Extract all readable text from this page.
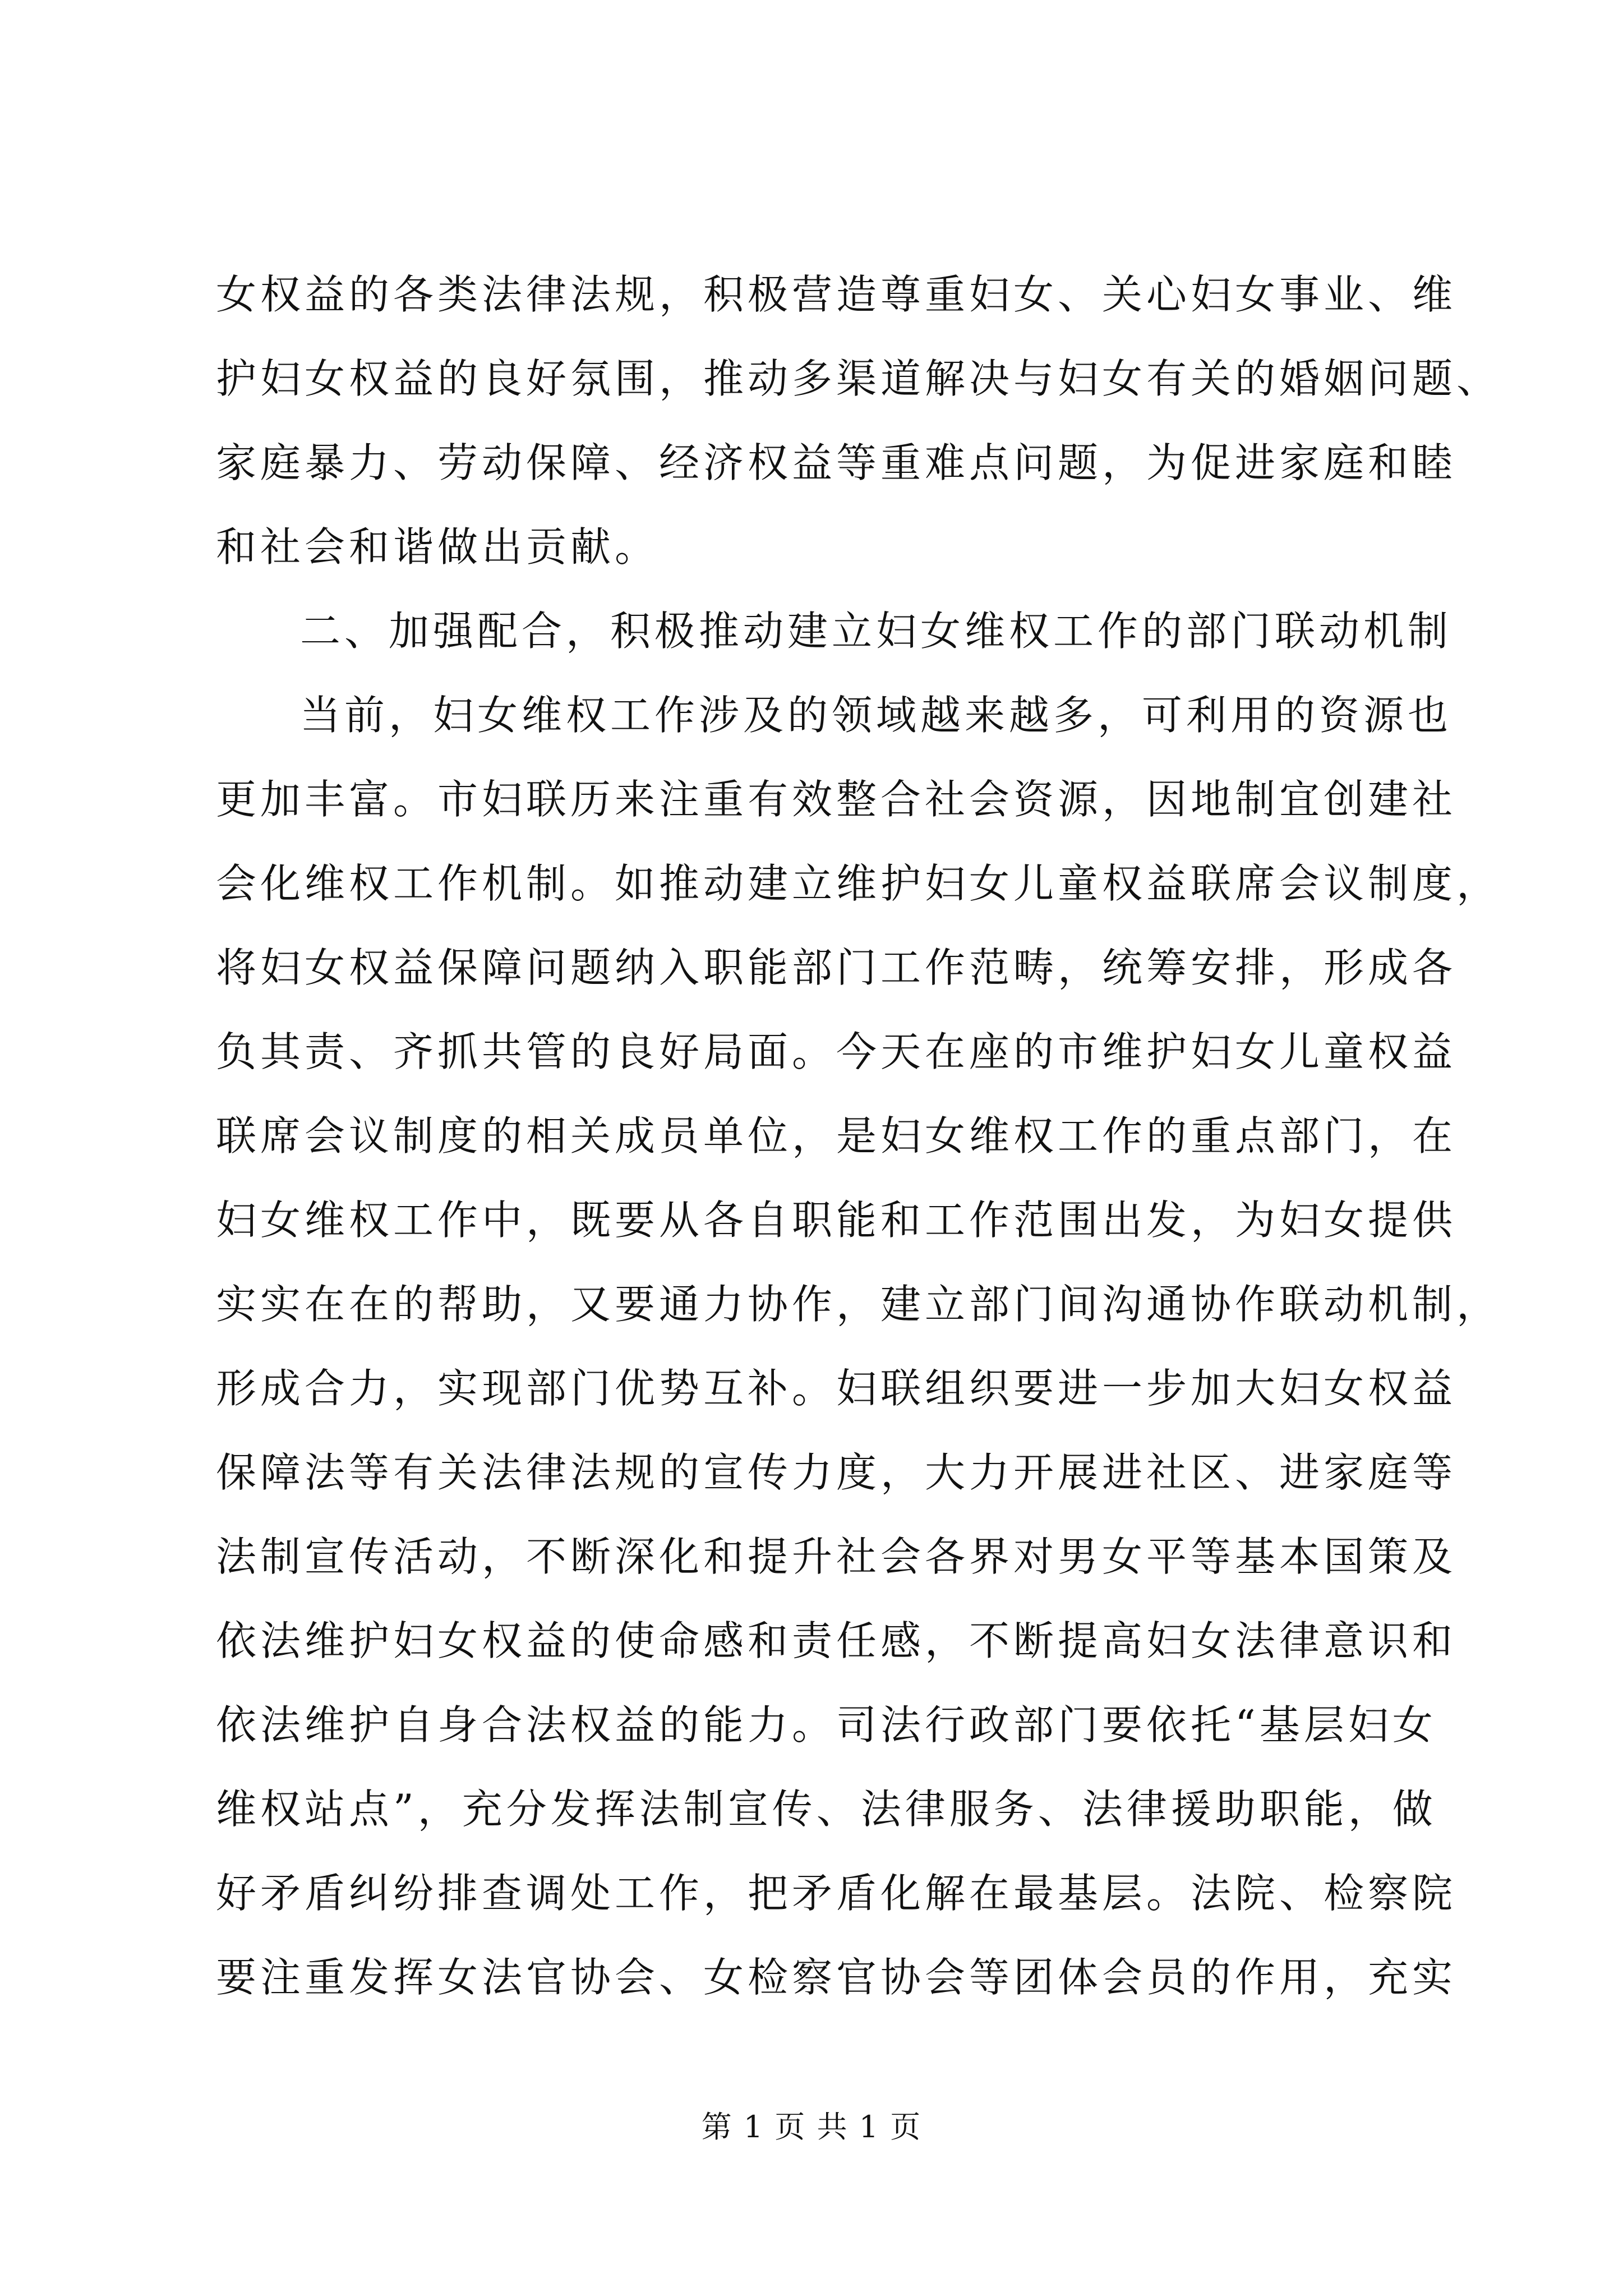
女权益的各类法律法规，积极营造尊重妇女、关心妇女事业、维
护妇女权益的良好氛围，推动多渠道解决与妇女有关的婚姻问题、
家庭暴力、劳动保障、经济权益等重难点问题，为促进家庭和睦
和社会和谐做出贡献。
二、加强配合，积极推动建立妇女维权工作的部门联动机制
当前，妇女维权工作涉及的领域越来越多，可利用的资源也
更加丰富。市妇联历来注重有效整合社会资源，因地制宜创建社
会化维权工作机制。如推动建立维护妇女儿童权益联席会议制度，
将妇女权益保障问题纳入职能部门工作范畴，统筹安排，形成各
负其责、齐抓共管的良好局面。今天在座的市维护妇女儿童权益
联席会议制度的相关成员单位，是妇女维权工作的重点部门，在
妇女维权工作中，既要从各自职能和工作范围出发，为妇女提供
实实在在的帮助，又要通力协作，建立部门间沟通协作联动机制，
形成合力，实现部门优势互补。妇联组织要进一步加大妇女权益
保障法等有关法律法规的宣传力度，大力开展进社区、进家庭等
法制宣传活动，不断深化和提升社会各界对男女平等基本国策及
依法维护妇女权益的使命感和责任感，不断提高妇女法律意识和
依法维护自身合法权益的能力。司法行政部门要依托“基层妇女
维权站点”，充分发挥法制宣传、法律服务、法律援助职能，做
好矛盾纠纷排查调处工作，把矛盾化解在最基层。法院、检察院
要注重发挥女法官协会、女检察官协会等团体会员的作用，充实
第 1 页 共 1 页
